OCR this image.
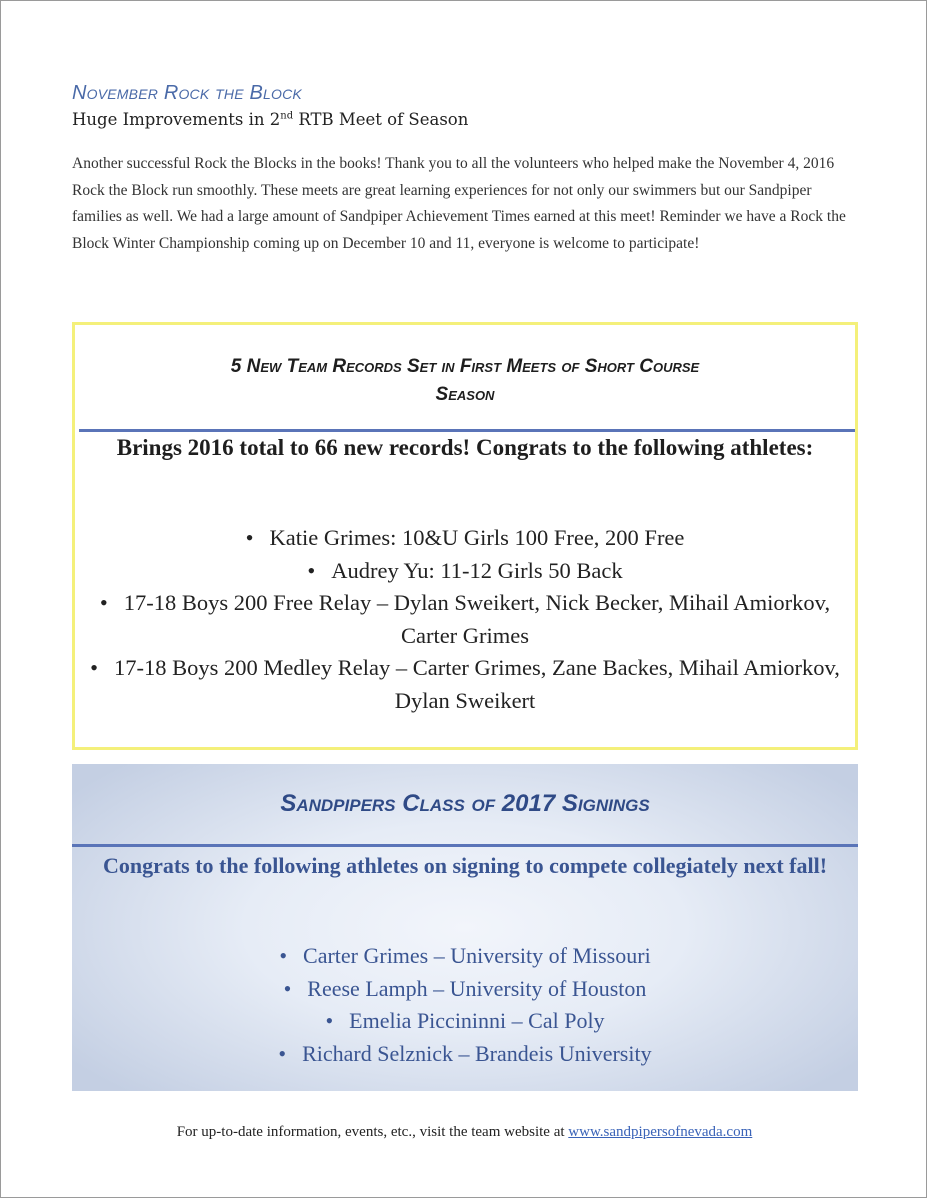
November Rock the Block
Huge Improvements in 2nd RTB Meet of Season

Another successful Rock the Blocks in the books! Thank you to all the volunteers who helped make the November 4, 2016 Rock the Block run smoothly. These meets are great learning experiences for not only our swimmers but our Sandpiper families as well. We had a large amount of Sandpiper Achievement Times earned at this meet! Reminder we have a Rock the Block Winter Championship coming up on December 10 and 11, everyone is welcome to participate!

5 New Team Records Set in First Meets of Short Course
Season

Brings 2016 total to 66 new records! Congrats to the following athletes:

• Katie Grimes: 10&U Girls 100 Free, 200 Free
• Audrey Yu: 11-12 Girls 50 Back
• 17-18 Boys 200 Free Relay – Dylan Sweikert, Nick Becker, Mihail Amiorkov, Carter Grimes
• 17-18 Boys 200 Medley Relay – Carter Grimes, Zane Backes, Mihail Amiorkov, Dylan Sweikert
Sandpipers Class of 2017 Signings

Congrats to the following athletes on signing to compete collegiately next fall!

• Carter Grimes – University of Missouri
• Reese Lamph – University of Houston
• Emelia Piccininni – Cal Poly
• Richard Selznick – Brandeis University

For up-to-date information, events, etc., visit the team website at www.sandpipersofnevada.com
